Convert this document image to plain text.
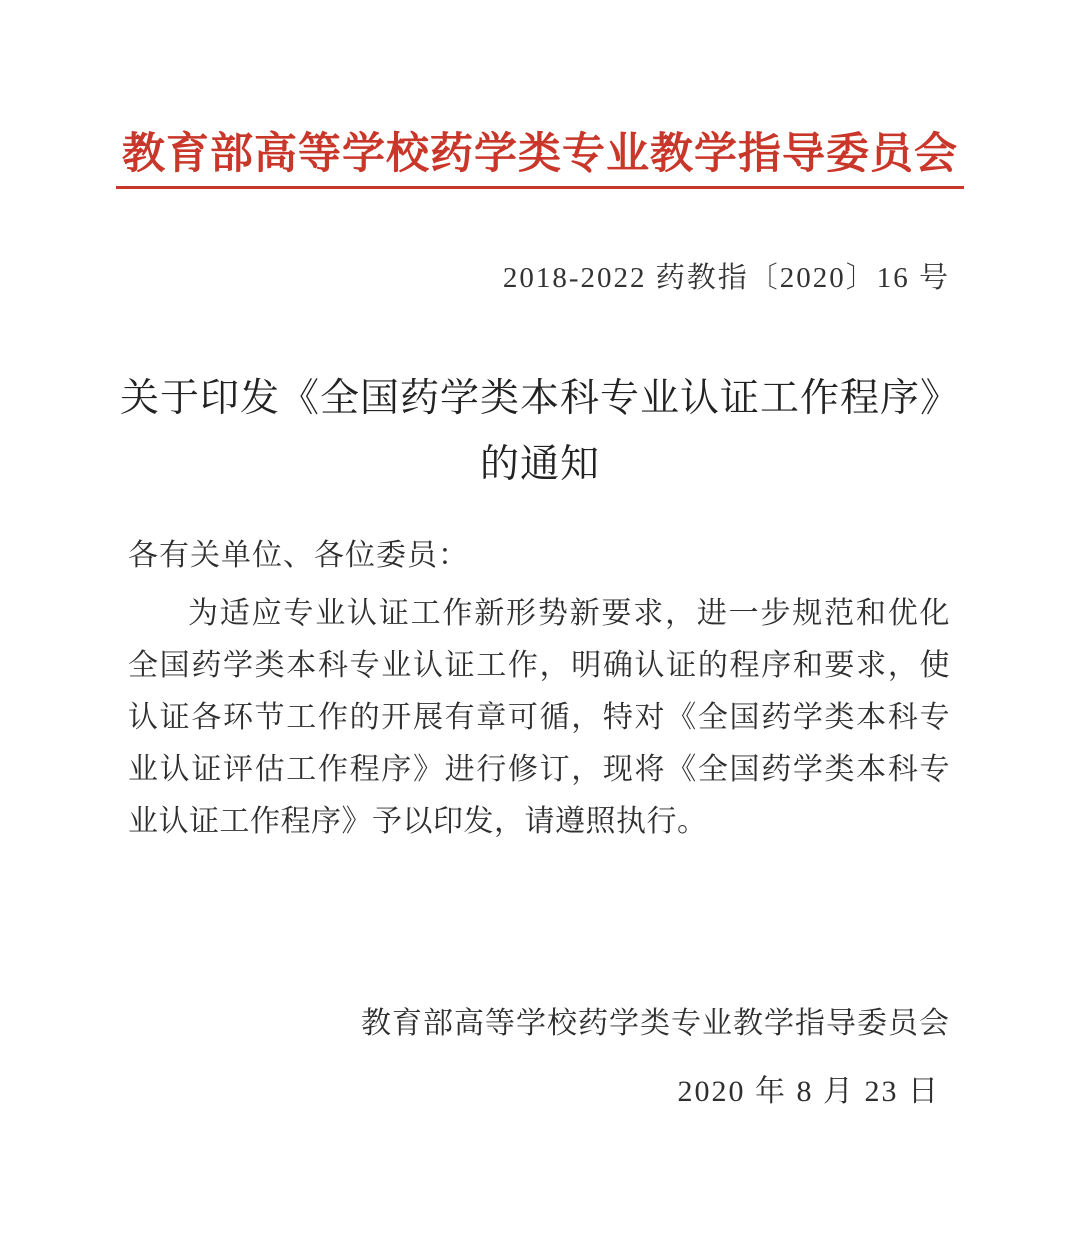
教育部高等学校药学类专业教学指导委员会
2018-2022 药教指〔2020〕16 号
关于印发《全国药学类本科专业认证工作程序》
的通知
各有关单位、各位委员：

为适应专业认证工作新形势新要求，进一步规范和优化全国药学类本科专业认证工作，明确认证的程序和要求，使认证各环节工作的开展有章可循，特对《全国药学类本科专业认证评估工作程序》进行修订，现将《全国药学类本科专业认证工作程序》予以印发，请遵照执行。

教育部高等学校药学类专业教学指导委员会
2020 年 8 月 23 日
